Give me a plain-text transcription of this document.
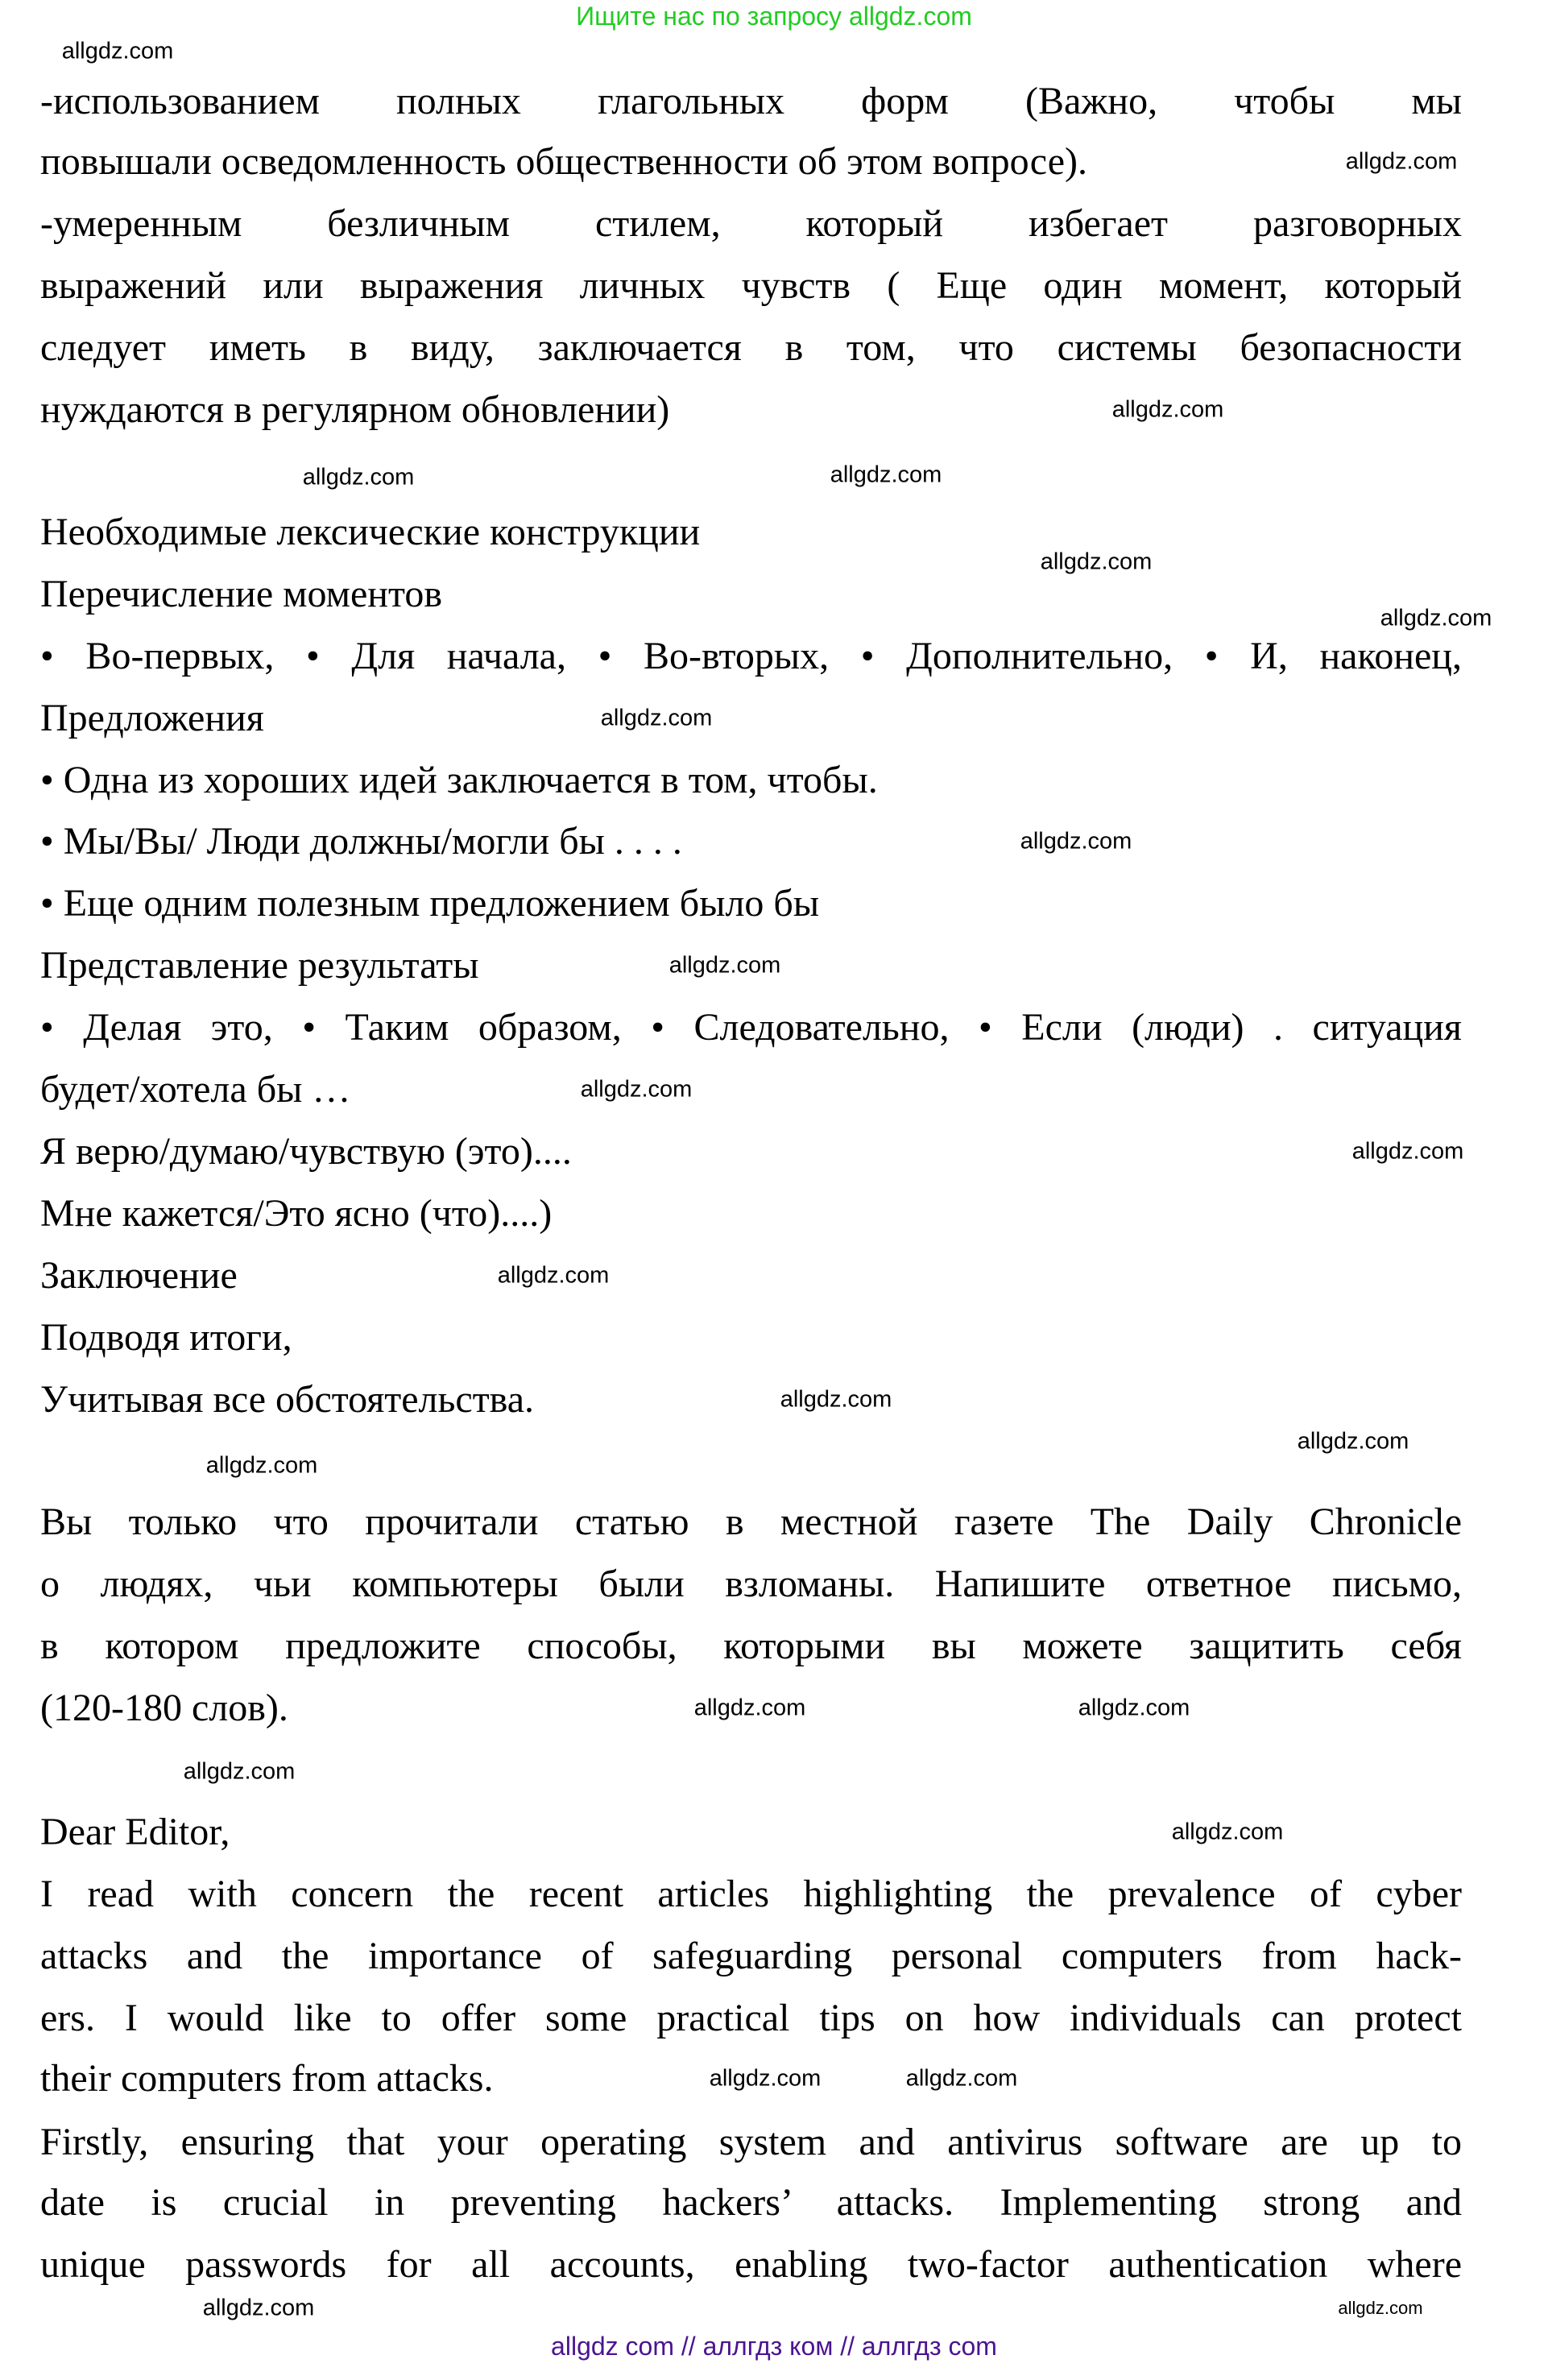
Ищите нас по запросу allgdz.com
-использованием полных глагольных форм (Важно, чтобы мы
повышали осведомленность общественности об этом вопросе).
-умеренным безличным стилем, который избегает разговорных
выражений или выражения личных чувств ( Еще один момент, который
следует иметь в виду, заключается в том, что системы безопасности
нуждаются в регулярном обновлении)
Необходимые лексические конструкции
Перечисление моментов
• Во-первых, • Для начала, • Во-вторых, • Дополнительно, • И, наконец,
Предложения
• Одна из хороших идей заключается в том, чтобы.
• Мы/Вы/ Люди должны/могли бы . . . .
• Еще одним полезным предложением было бы
Представление результаты
• Делая это, • Таким образом, • Следовательно, • Если (люди) . ситуация
будет/хотела бы …
Я верю/думаю/чувствую (это)....
Мне кажется/Это ясно (что)....)
Заключение
Подводя итоги,
Учитывая все обстоятельства.
Вы только что прочитали статью в местной газете The Daily Chronicle
о людях, чьи компьютеры были взломаны. Напишите ответное письмо,
в котором предложите способы, которыми вы можете защитить себя
(120-180 слов).
Dear Editor,
I read with concern the recent articles highlighting the prevalence of cyber
attacks and the importance of safeguarding personal computers from hack-
ers. I would like to offer some practical tips on how individuals can protect
their computers from attacks.
Firstly, ensuring that your operating system and antivirus software are up to
date is crucial in preventing hackers’ attacks. Implementing strong and
unique passwords for all accounts, enabling two-factor authentication where
allgdz.com
allgdz.com
allgdz.com
allgdz.com
allgdz.com
allgdz.com
allgdz.com
allgdz.com
allgdz.com
allgdz.com
allgdz.com
allgdz.com
allgdz.com
allgdz.com
allgdz.com
allgdz.com
allgdz.com
allgdz.com
allgdz.com
allgdz.com
allgdz.com
allgdz.com
allgdz.com
allgdz.com
allgdz com // аллгдз ком // аллгдз com
